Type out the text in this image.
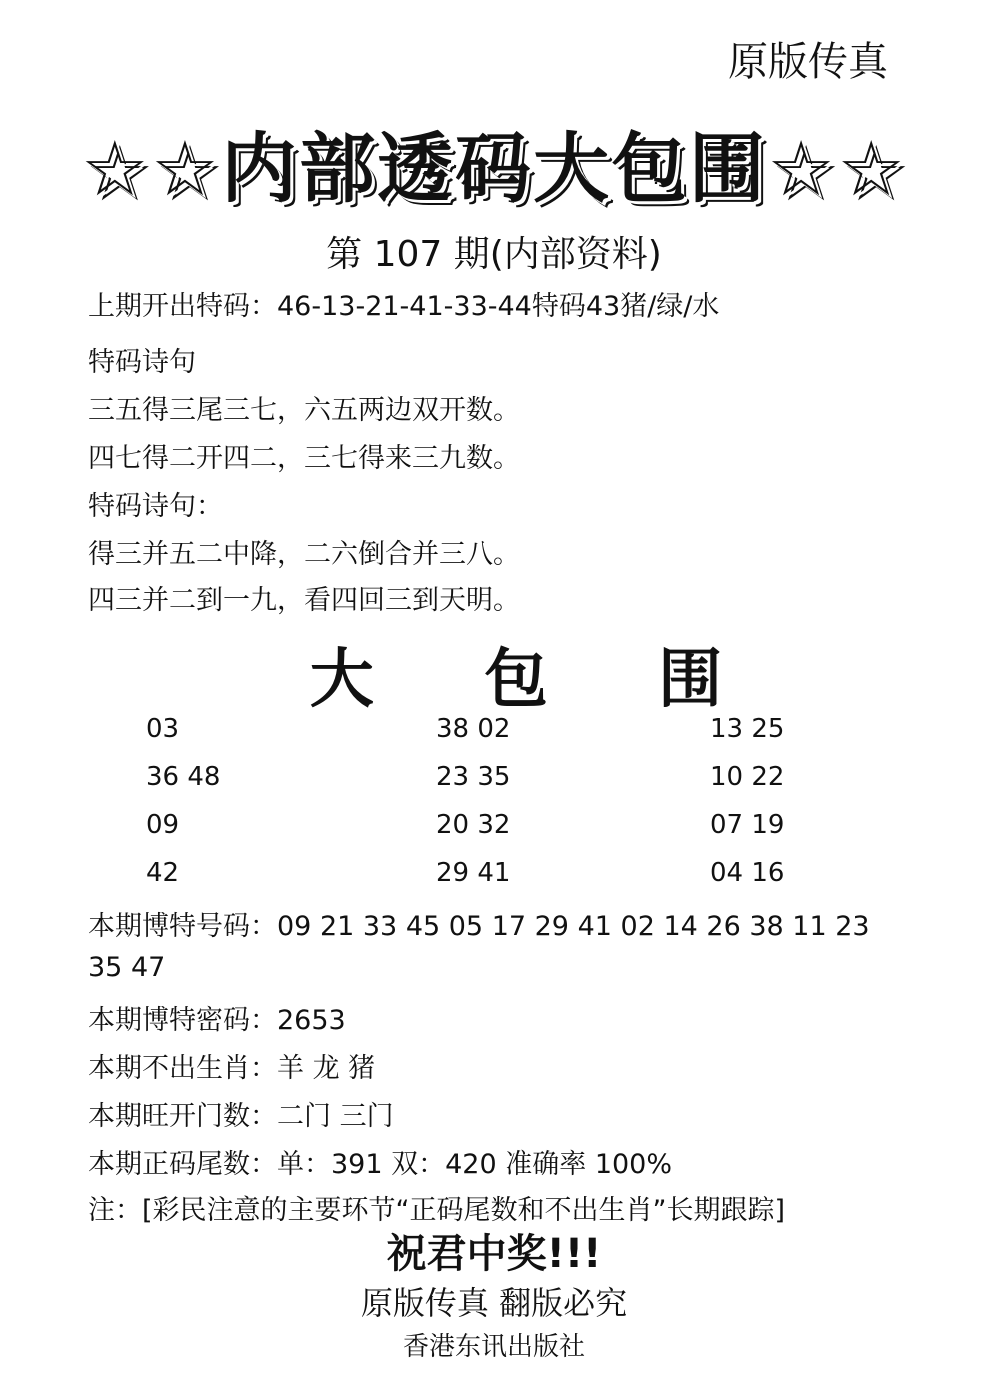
原版传真
☆☆内部透码大包围☆☆
第 107 期(内部资料)
上期开出特码：46-13-21-41-33-44特码43猪/绿/水
特码诗句
三五得三尾三七，六五两边双开数。
四七得二开四二，三七得来三九数。
特码诗句：
得三并五二中降，二六倒合并三八。
四三并二到一九，看四回三到天明。
大 包 围
03	38 02	13 25
36 48	23 35	10 22
09	20 32	07 19
42	29 41	04 16
本期博特号码：09 21 33 45 05 17 29 41 02 14 26 38 11 23
35 47
本期博特密码：2653
本期不出生肖：羊 龙 猪
本期旺开门数：二门 三门
本期正码尾数：单：391 双：420 准确率 100%
注：[彩民注意的主要环节“正码尾数和不出生肖”长期跟踪]
祝君中奖!!!
原版传真 翻版必究
香港东讯出版社
